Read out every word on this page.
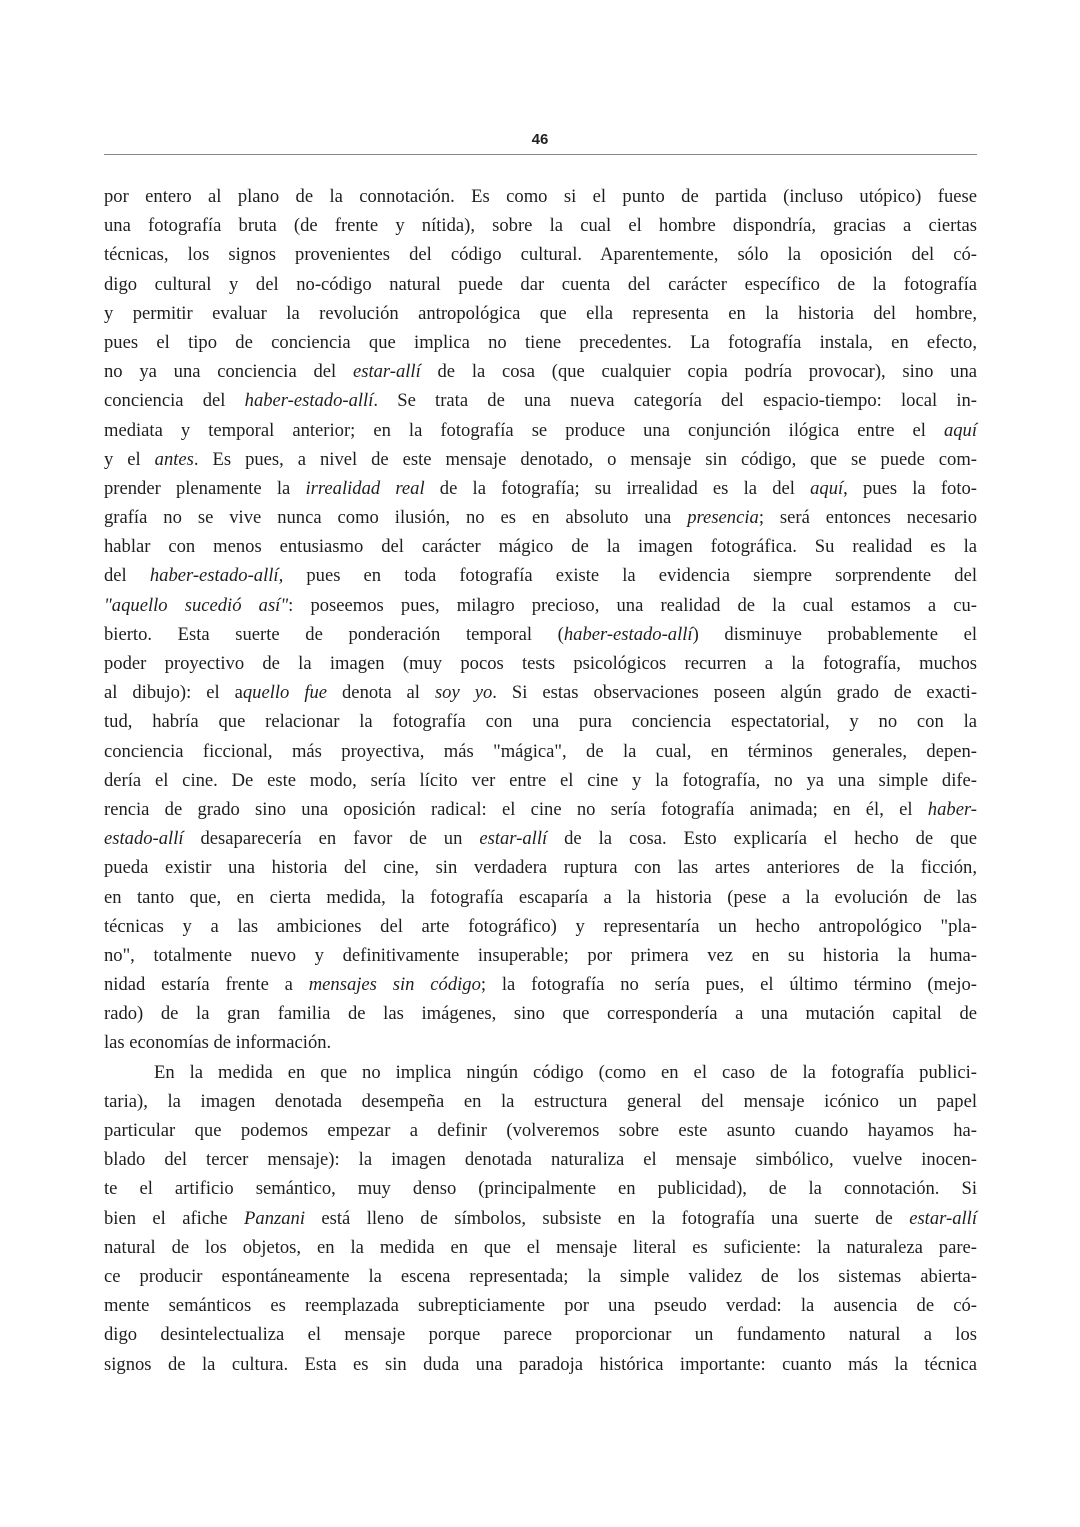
46
por entero al plano de la connotación. Es como si el punto de partida (incluso utópico) fuese
una fotografía bruta (de frente y nítida), sobre la cual el hombre dispondría, gracias a ciertas
técnicas, los signos provenientes del código cultural. Aparentemente, sólo la oposición del có-
digo cultural y del no-código natural puede dar cuenta del carácter específico de la fotografía
y permitir evaluar la revolución antropológica que ella representa en la historia del hombre,
pues el tipo de conciencia que implica no tiene precedentes. La fotografía instala, en efecto,
no ya una conciencia del estar-allí de la cosa (que cualquier copia podría provocar), sino una
conciencia del haber-estado-allí. Se trata de una nueva categoría del espacio-tiempo: local in-
mediata y temporal anterior; en la fotografía se produce una conjunción ilógica entre el aquí
y el antes. Es pues, a nivel de este mensaje denotado, o mensaje sin código, que se puede com-
prender plenamente la irrealidad real de la fotografía; su irrealidad es la del aquí, pues la foto-
grafía no se vive nunca como ilusión, no es en absoluto una presencia; será entonces necesario
hablar con menos entusiasmo del carácter mágico de la imagen fotográfica. Su realidad es la
del haber-estado-allí, pues en toda fotografía existe la evidencia siempre sorprendente del
"aquello sucedió así": poseemos pues, milagro precioso, una realidad de la cual estamos a cu-
bierto. Esta suerte de ponderación temporal (haber-estado-allí) disminuye probablemente el
poder proyectivo de la imagen (muy pocos tests psicológicos recurren a la fotografía, muchos
al dibujo): el aquello fue denota al soy yo. Si estas observaciones poseen algún grado de exacti-
tud, habría que relacionar la fotografía con una pura conciencia espectatorial, y no con la
conciencia ficcional, más proyectiva, más "mágica", de la cual, en términos generales, depen-
dería el cine. De este modo, sería lícito ver entre el cine y la fotografía, no ya una simple dife-
rencia de grado sino una oposición radical: el cine no sería fotografía animada; en él, el haber-
estado-allí desaparecería en favor de un estar-allí de la cosa. Esto explicaría el hecho de que
pueda existir una historia del cine, sin verdadera ruptura con las artes anteriores de la ficción,
en tanto que, en cierta medida, la fotografía escaparía a la historia (pese a la evolución de las
técnicas y a las ambiciones del arte fotográfico) y representaría un hecho antropológico "pla-
no", totalmente nuevo y definitivamente insuperable; por primera vez en su historia la huma-
nidad estaría frente a mensajes sin código; la fotografía no sería pues, el último término (mejo-
rado) de la gran familia de las imágenes, sino que correspondería a una mutación capital de
las economías de información.
En la medida en que no implica ningún código (como en el caso de la fotografía publici-
taria), la imagen denotada desempeña en la estructura general del mensaje icónico un papel
particular que podemos empezar a definir (volveremos sobre este asunto cuando hayamos ha-
blado del tercer mensaje): la imagen denotada naturaliza el mensaje simbólico, vuelve inocen-
te el artificio semántico, muy denso (principalmente en publicidad), de la connotación. Si
bien el afiche Panzani está lleno de símbolos, subsiste en la fotografía una suerte de estar-allí
natural de los objetos, en la medida en que el mensaje literal es suficiente: la naturaleza pare-
ce producir espontáneamente la escena representada; la simple validez de los sistemas abierta-
mente semánticos es reemplazada subrepticiamente por una pseudo verdad: la ausencia de có-
digo desintelectualiza el mensaje porque parece proporcionar un fundamento natural a los
signos de la cultura. Esta es sin duda una paradoja histórica importante: cuanto más la técnica
